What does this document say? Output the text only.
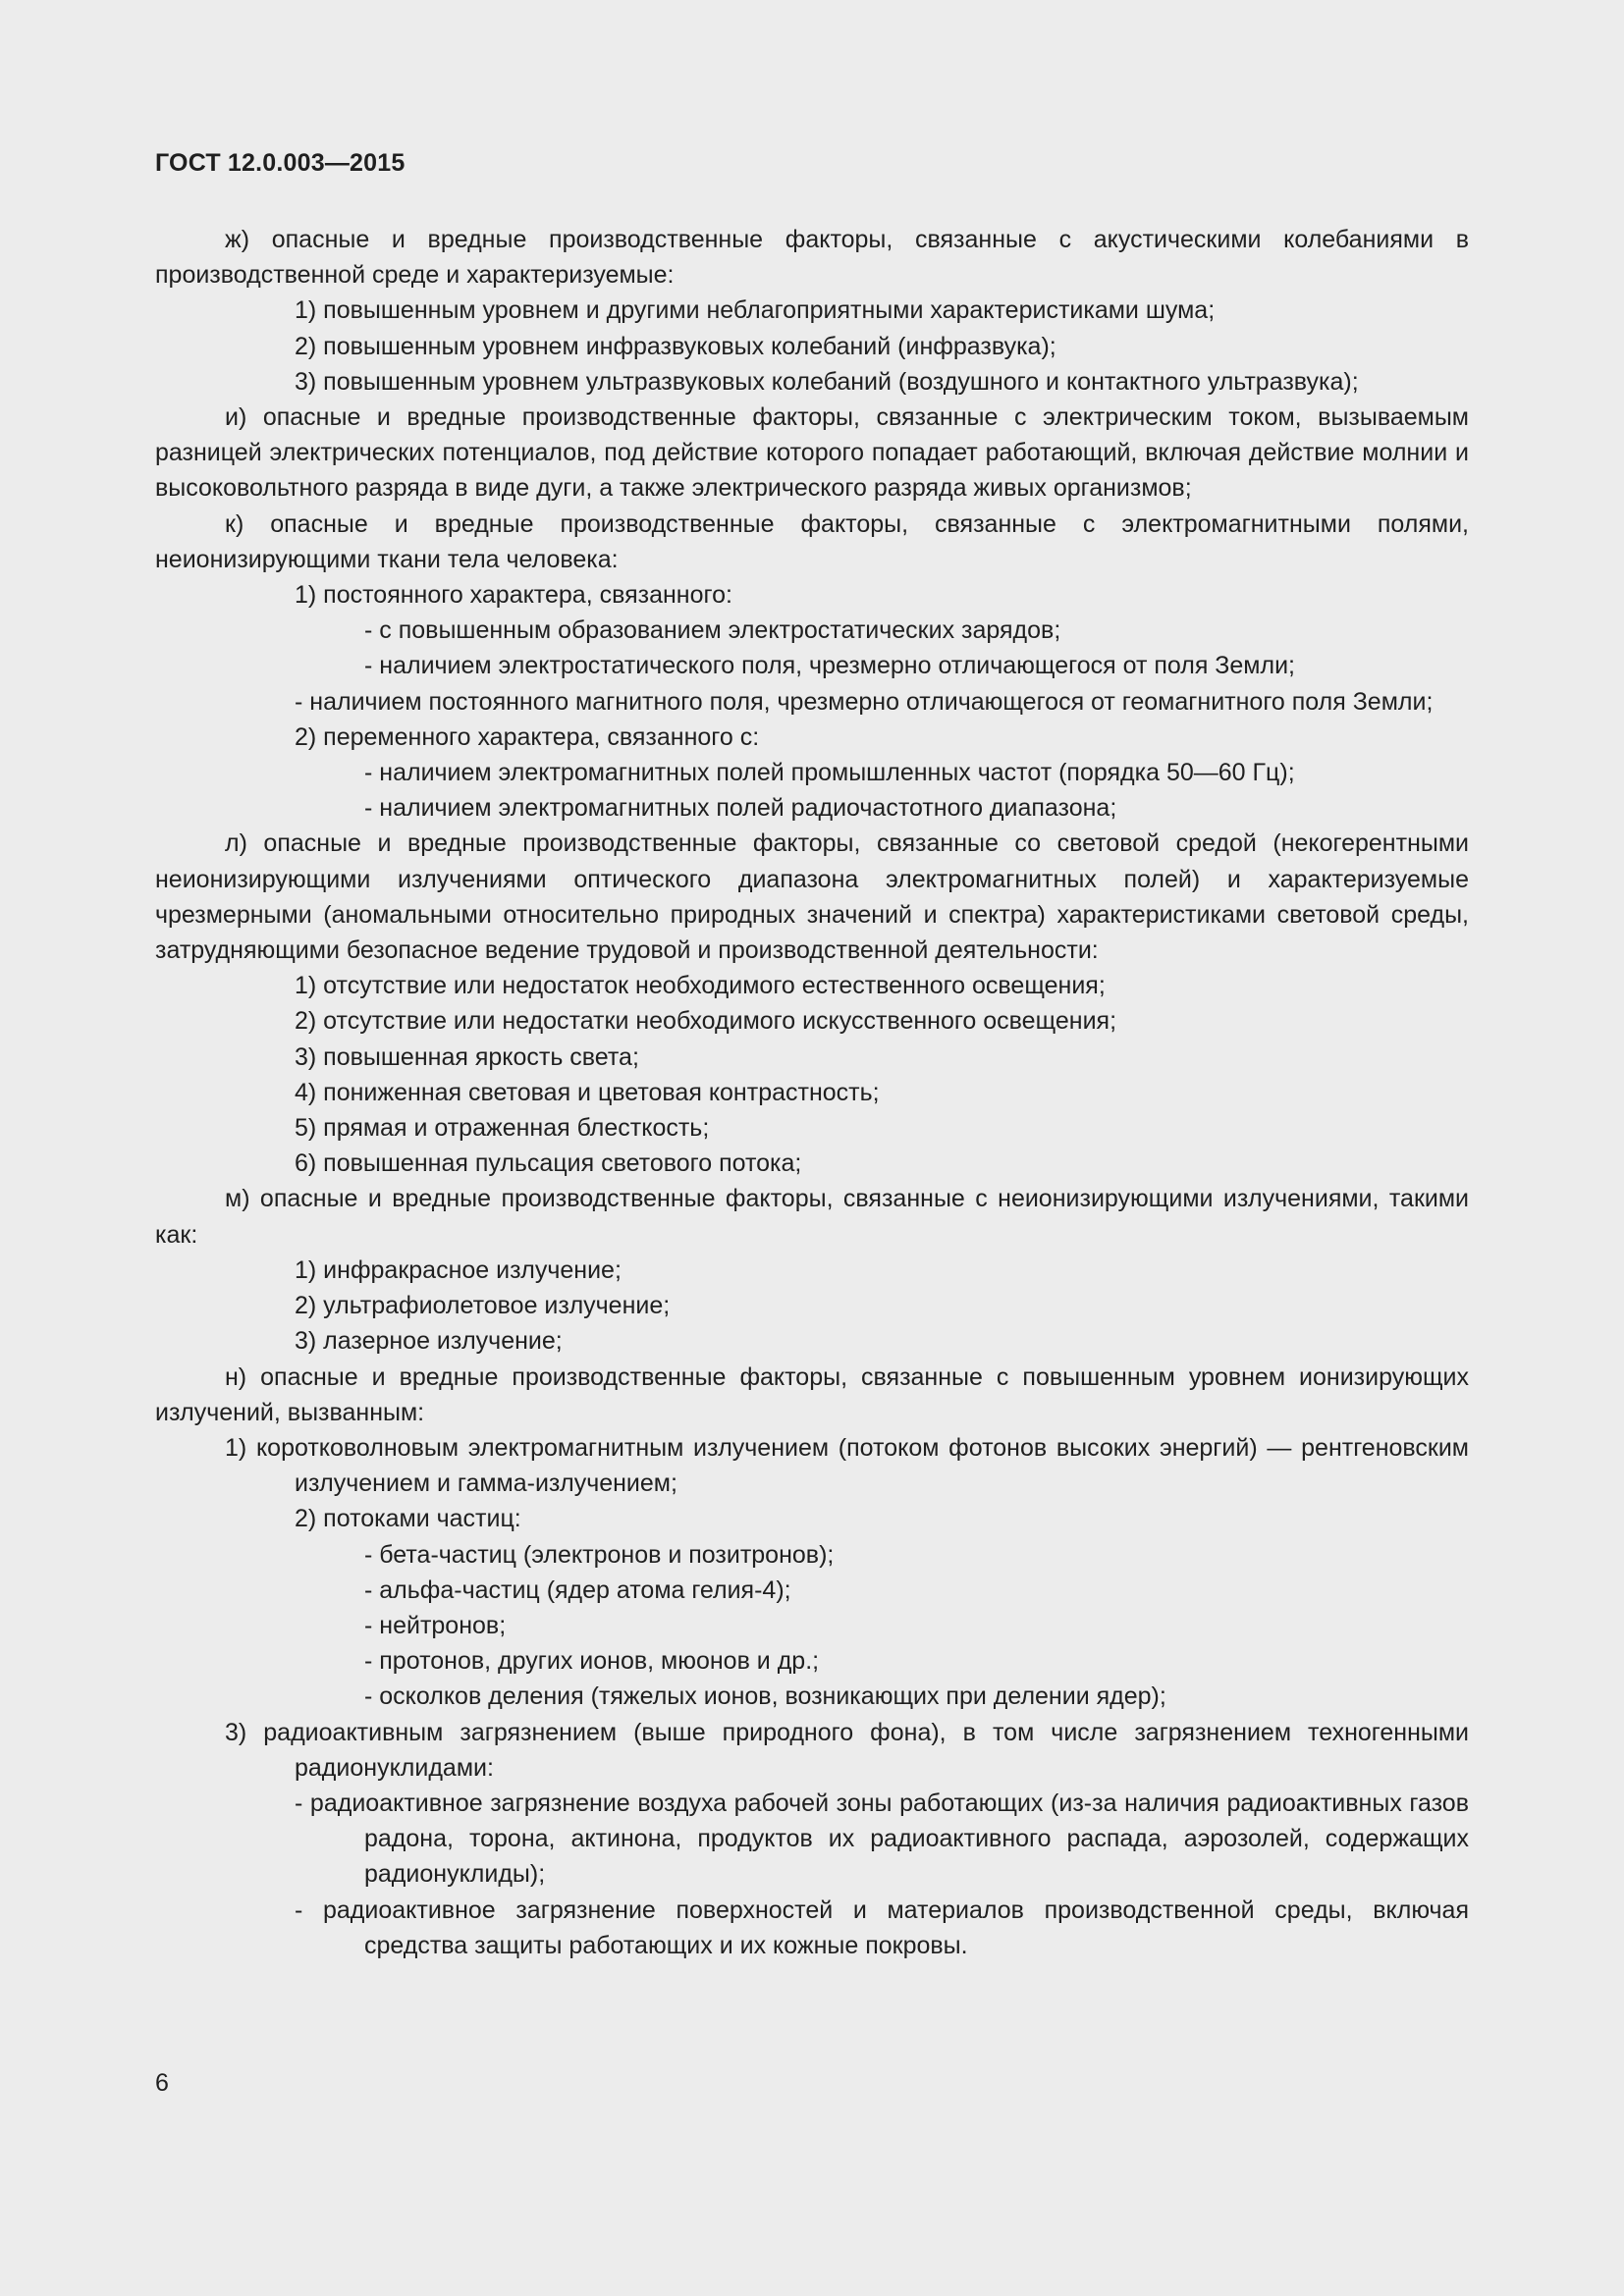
ГОСТ 12.0.003—2015

ж) опасные и вредные производственные факторы, связанные с акустическими колебаниями в производственной среде и характеризуемые:

1) повышенным уровнем и другими неблагоприятными характеристиками шума;

2) повышенным уровнем инфразвуковых колебаний (инфразвука);

3) повышенным уровнем ультразвуковых колебаний (воздушного и контактного ультразвука);

и) опасные и вредные производственные факторы, связанные с электрическим током, вызываемым разницей электрических потенциалов, под действие которого попадает работающий, включая действие молнии и высоковольтного разряда в виде дуги, а также электрического разряда живых организмов;

к) опасные и вредные производственные факторы, связанные с электромагнитными полями, неионизирующими ткани тела человека:

1) постоянного характера, связанного:

- с повышенным образованием электростатических зарядов;

- наличием электростатического поля, чрезмерно отличающегося от поля Земли;

- наличием постоянного магнитного поля, чрезмерно отличающегося от геомагнитного поля Земли;

2) переменного характера, связанного с:

- наличием электромагнитных полей промышленных частот (порядка 50—60 Гц);

- наличием электромагнитных полей радиочастотного диапазона;

л) опасные и вредные производственные факторы, связанные со световой средой (некогерентными неионизирующими излучениями оптического диапазона электромагнитных полей) и характеризуемые чрезмерными (аномальными относительно природных значений и спектра) характеристиками световой среды, затрудняющими безопасное ведение трудовой и производственной деятельности:

1) отсутствие или недостаток необходимого естественного освещения;

2) отсутствие или недостатки необходимого искусственного освещения;

3) повышенная яркость света;

4) пониженная световая и цветовая контрастность;

5) прямая и отраженная блесткость;

6) повышенная пульсация светового потока;

м) опасные и вредные производственные факторы, связанные с неионизирующими излучениями, такими как:

1) инфракрасное излучение;

2) ультрафиолетовое излучение;

3) лазерное излучение;

н) опасные и вредные производственные факторы, связанные с повышенным уровнем ионизирующих излучений, вызванным:

1) коротковолновым электромагнитным излучением (потоком фотонов высоких энергий) — рентгеновским излучением и гамма-излучением;

2) потоками частиц:

- бета-частиц (электронов и позитронов);

- альфа-частиц (ядер атома гелия-4);

- нейтронов;

- протонов, других ионов, мюонов и др.;

- осколков деления (тяжелых ионов, возникающих при делении ядер);

3) радиоактивным загрязнением (выше природного фона), в том числе загрязнением техногенными радионуклидами:

- радиоактивное загрязнение воздуха рабочей зоны работающих (из-за наличия радиоактивных газов радона, торона, актинона, продуктов их радиоактивного распада, аэрозолей, содержащих радионуклиды);

- радиоактивное загрязнение поверхностей и материалов производственной среды, включая средства защиты работающих и их кожные покровы.

6
